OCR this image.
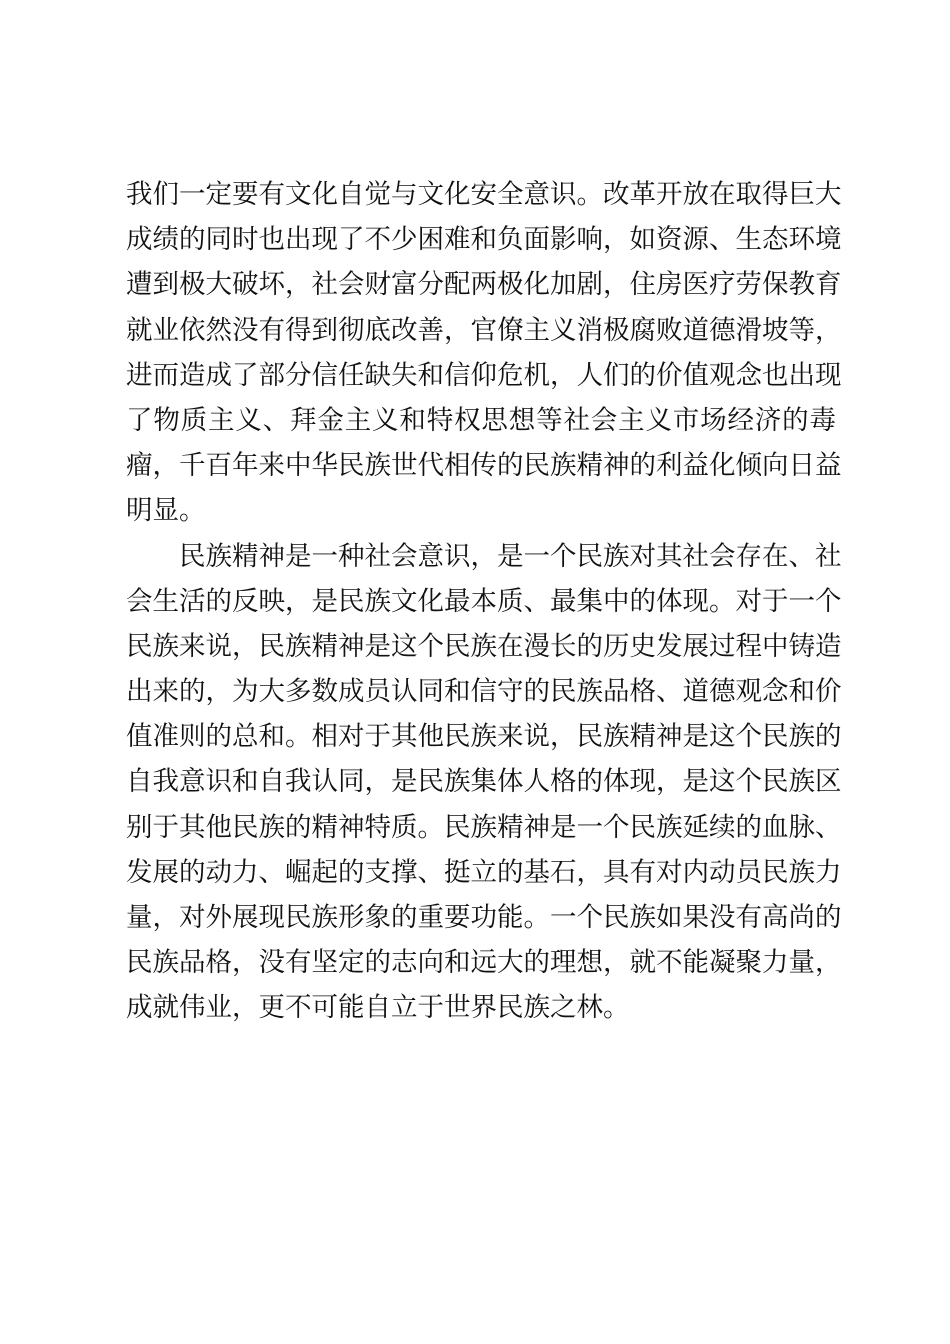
我们一定要有文化自觉与文化安全意识。改革开放在取得巨大
成绩的同时也出现了不少困难和负面影响，如资源、生态环境
遭到极大破坏，社会财富分配两极化加剧，住房医疗劳保教育
就业依然没有得到彻底改善，官僚主义消极腐败道德滑坡等，
进而造成了部分信任缺失和信仰危机，人们的价值观念也出现
了物质主义、拜金主义和特权思想等社会主义市场经济的毒
瘤，千百年来中华民族世代相传的民族精神的利益化倾向日益
明显。
民族精神是一种社会意识，是一个民族对其社会存在、社
会生活的反映，是民族文化最本质、最集中的体现。对于一个
民族来说，民族精神是这个民族在漫长的历史发展过程中铸造
出来的，为大多数成员认同和信守的民族品格、道德观念和价
值准则的总和。相对于其他民族来说，民族精神是这个民族的
自我意识和自我认同，是民族集体人格的体现，是这个民族区
别于其他民族的精神特质。民族精神是一个民族延续的血脉、
发展的动力、崛起的支撑、挺立的基石，具有对内动员民族力
量，对外展现民族形象的重要功能。一个民族如果没有高尚的
民族品格，没有坚定的志向和远大的理想，就不能凝聚力量，
成就伟业，更不可能自立于世界民族之林。
